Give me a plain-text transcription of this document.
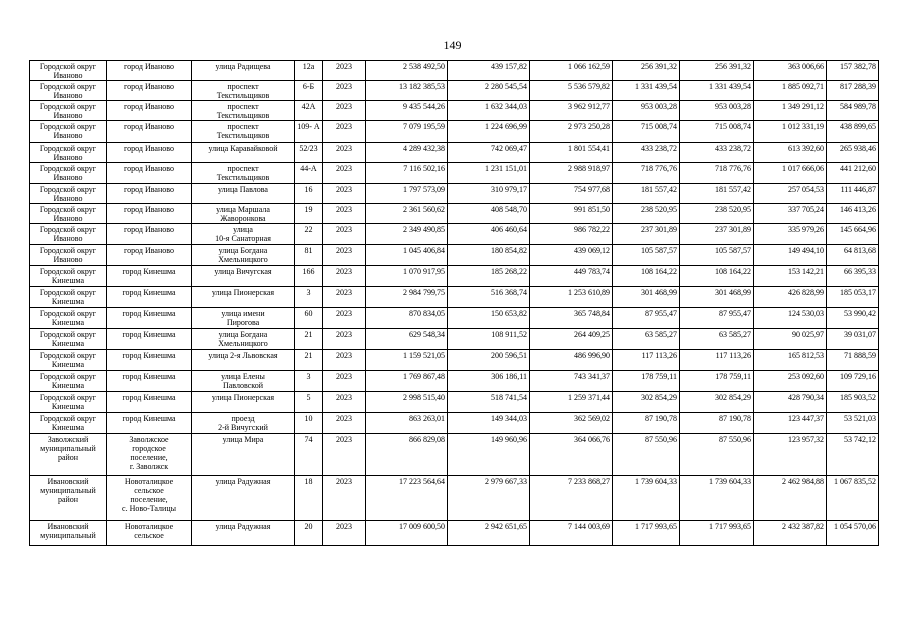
149
Городской округ
Иваново	город Иваново	улица Радищева	12а	2023	2 538 492,50	439 157,82	1 066 162,59	256 391,32	256 391,32	363 006,66	157 382,78
Городской округ
Иваново	город Иваново	проспект
Текстильщиков	6-Б	2023	13 182 385,53	2 280 545,54	5 536 579,82	1 331 439,54	1 331 439,54	1 885 092,71	817 288,39
Городской округ
Иваново	город Иваново	проспект
Текстильщиков	42А	2023	9 435 544,26	1 632 344,03	3 962 912,77	953 003,28	953 003,28	1 349 291,12	584 989,78
Городской округ
Иваново	город Иваново	проспект
Текстильщиков	109- А	2023	7 079 195,59	1 224 696,99	2 973 250,28	715 008,74	715 008,74	1 012 331,19	438 899,65
Городской округ
Иваново	город Иваново	улица Каравайковой	52/23	2023	4 289 432,38	742 069,47	1 801 554,41	433 238,72	433 238,72	613 392,60	265 938,46
Городской округ
Иваново	город Иваново	проспект
Текстильщиков	44-А	2023	7 116 502,16	1 231 151,01	2 988 918,97	718 776,76	718 776,76	1 017 666,06	441 212,60
Городской округ
Иваново	город Иваново	улица Павлова	16	2023	1 797 573,09	310 979,17	754 977,68	181 557,42	181 557,42	257 054,53	111 446,87
Городской округ
Иваново	город Иваново	улица Маршала
Жаворонкова	19	2023	2 361 560,62	408 548,70	991 851,50	238 520,95	238 520,95	337 705,24	146 413,26
Городской округ
Иваново	город Иваново	улица
10-я Санаторная	22	2023	2 349 490,85	406 460,64	986 782,22	237 301,89	237 301,89	335 979,26	145 664,96
Городской округ
Иваново	город Иваново	улица Богдана
Хмельницкого	81	2023	1 045 406,84	180 854,82	439 069,12	105 587,57	105 587,57	149 494,10	64 813,68
Городской округ
Кинешма	город Кинешма	улица Вичугская	166	2023	1 070 917,95	185 268,22	449 783,74	108 164,22	108 164,22	153 142,21	66 395,33
Городской округ
Кинешма	город Кинешма	улица Пионерская	3	2023	2 984 799,75	516 368,74	1 253 610,89	301 468,99	301 468,99	426 828,99	185 053,17
Городской округ
Кинешма	город Кинешма	улица имени
Пирогова	60	2023	870 834,05	150 653,82	365 748,84	87 955,47	87 955,47	124 530,03	53 990,42
Городской округ
Кинешма	город Кинешма	улица Богдана
Хмельницкого	21	2023	629 548,34	108 911,52	264 409,25	63 585,27	63 585,27	90 025,97	39 031,07
Городской округ
Кинешма	город Кинешма	улица 2-я Львовская	21	2023	1 159 521,05	200 596,51	486 996,90	117 113,26	117 113,26	165 812,53	71 888,59
Городской округ
Кинешма	город Кинешма	улица Елены
Павловской	3	2023	1 769 867,48	306 186,11	743 341,37	178 759,11	178 759,11	253 092,60	109 729,16
Городской округ
Кинешма	город Кинешма	улица Пионерская	5	2023	2 998 515,40	518 741,54	1 259 371,44	302 854,29	302 854,29	428 790,34	185 903,52
Городской округ
Кинешма	город Кинешма	проезд
2-й Вичугский	10	2023	863 263,01	149 344,03	362 569,02	87 190,78	87 190,78	123 447,37	53 521,03
Заволжский
муниципальный
район	Заволжское
городское
поселение,
г. Заволжск	улица Мира	74	2023	866 829,08	149 960,96	364 066,76	87 550,96	87 550,96	123 957,32	53 742,12
Ивановский
муниципальный
район	Новоталицкое
сельское
поселение,
с. Ново-Талицы	улица Радужная	18	2023	17 223 564,64	2 979 667,33	7 233 868,27	1 739 604,33	1 739 604,33	2 462 984,88	1 067 835,52
Ивановский
муниципальный	Новоталицкое
сельское	улица Радужная	20	2023	17 009 600,50	2 942 651,65	7 144 003,69	1 717 993,65	1 717 993,65	2 432 387,82	1 054 570,06
